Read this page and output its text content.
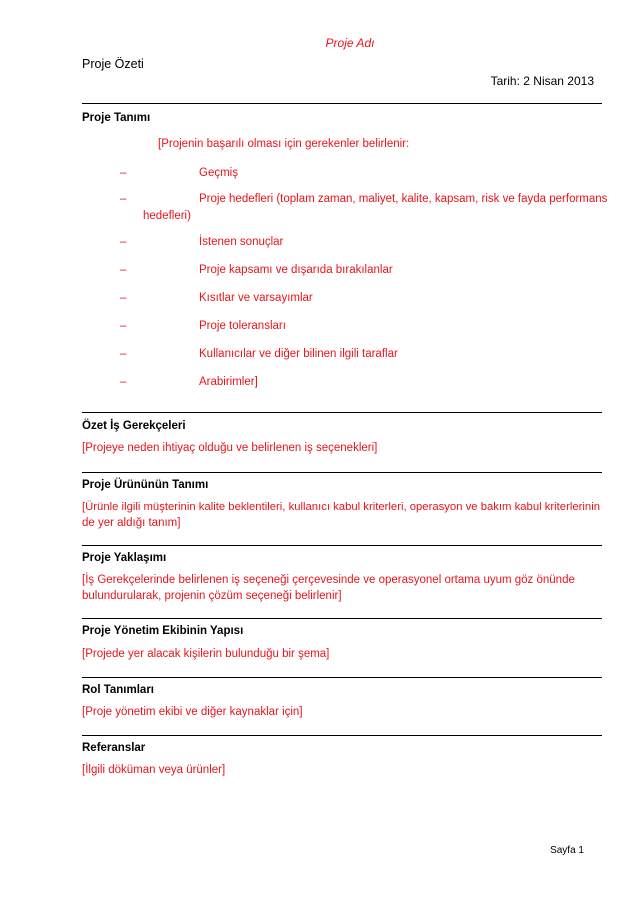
Proje Adı
Proje Özeti
Tarih: 2 Nisan 2013
Proje Tanımı
[Projenin başarılı olması için gerekenler belirlenir:
–	Geçmiş
–	Proje hedefleri (toplam zaman, maliyet, kalite, kapsam, risk ve fayda performans
hedefleri)
–	İstenen sonuçlar
–	Proje kapsamı ve dışarıda bırakılanlar
–	Kısıtlar ve varsayımlar
–	Proje toleransları
–	Kullanıcılar ve diğer bilinen ilgili taraflar
–	Arabirimler]
Özet İş Gerekçeleri
[Projeye neden ihtiyaç olduğu ve belirlenen iş seçenekleri]
Proje Ürününün Tanımı
[Ürünle ilgili müşterinin kalite beklentileri, kullanıcı kabul kriterleri, operasyon ve bakım kabul kriterlerinin
de yer aldığı tanım]
Proje Yaklaşımı
[İş Gerekçelerinde belirlenen iş seçeneği çerçevesinde ve operasyonel ortama uyum göz önünde
bulundurularak, projenin çözüm seçeneği belirlenir]
Proje Yönetim Ekibinin Yapısı
[Projede yer alacak kişilerin bulunduğu bir şema]
Rol Tanımları
[Proje yönetim ekibi ve diğer kaynaklar için]
Referanslar
[İlgili döküman veya ürünler]
Sayfa 1
